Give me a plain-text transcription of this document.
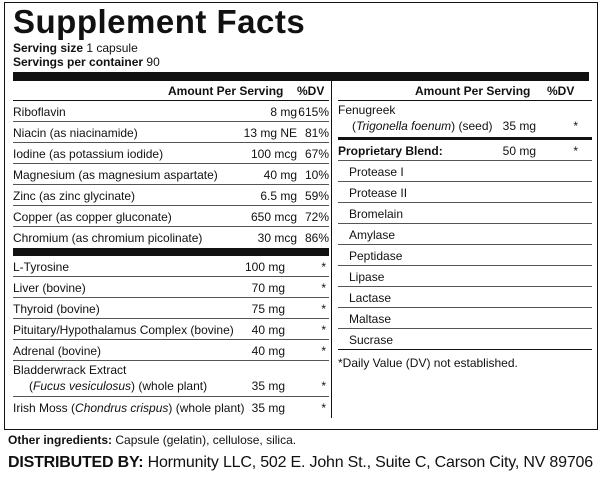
Supplement Facts
Serving size 1 capsule
Servings per container 90
Amount Per Serving %DV
Riboflavin	8 mg 615%
Niacin (as niacinamide)	13 mg NE 81%
Iodine (as potassium iodide)	100 mcg 67%
Magnesium (as magnesium aspartate)	40 mg 10%
Zinc (as zinc glycinate)	6.5 mg 59%
Copper (as copper gluconate)	650 mcg 72%
Chromium (as chromium picolinate)	30 mcg 86%
L-Tyrosine	100 mg	*
Liver (bovine)	70 mg	*
Thyroid (bovine)	75 mg	*
Pituitary/Hypothalamus Complex (bovine) 40 mg	*
Adrenal (bovine)	40 mg	*
Bladderwrack Extract
(Fucus vesiculosus) (whole plant)	35 mg	*
Irish Moss (Chondrus crispus) (whole plant) 35 mg	*
Amount Per Serving %DV
Fenugreek
(Trigonella foenum) (seed) 35 mg	*
Proprietary Blend:	50 mg	*
Protease I
Protease II
Bromelain
Amylase
Peptidase
Lipase
Lactase
Maltase
Sucrase
*Daily Value (DV) not established.
Other ingredients: Capsule (gelatin), cellulose, silica.
DISTRIBUTED BY: Hormunity LLC, 502 E. John St., Suite C, Carson City, NV 89706
